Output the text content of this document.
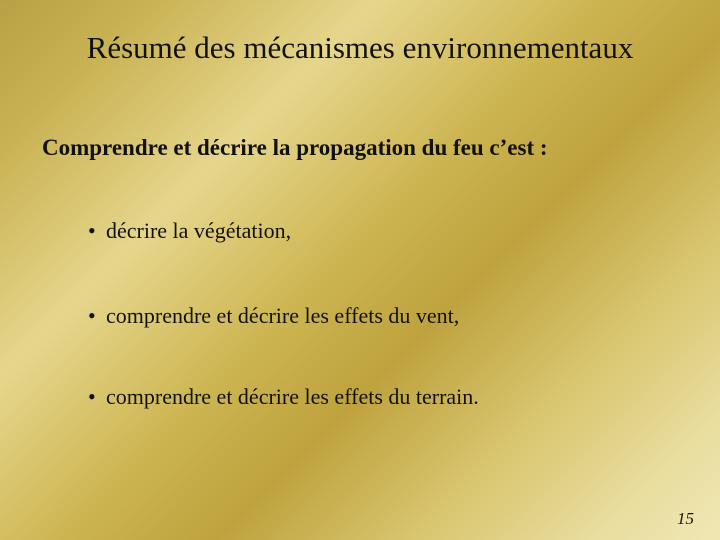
Résumé des mécanismes environnementaux
Comprendre et décrire la propagation du feu c’est :
• décrire la végétation,
• comprendre et décrire les effets du vent,
• comprendre et décrire les effets du terrain.
15
